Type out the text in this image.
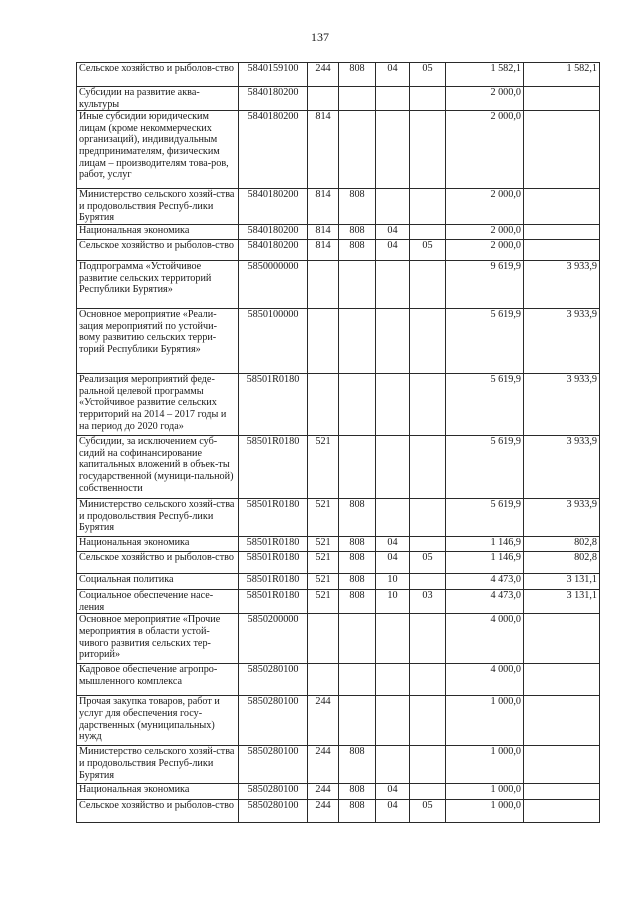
137
Сельское хозяйство и рыболов-ство	5840159100	244	808	04	05	1 582,1	1 582,1
Субсидии на развитие аква-культуры	5840180200					2 000,0	
Иные субсидии юридическим лицам (кроме некоммерческих организаций), индивидуальным предпринимателям, физическим лицам – производителям това-ров, работ, услуг	5840180200	814				2 000,0	
Министерство сельского хозяй-ства и продовольствия Респуб-лики Бурятия	5840180200	814	808			2 000,0	
Национальная экономика	5840180200	814	808	04		2 000,0	
Сельское хозяйство и рыболов-ство	5840180200	814	808	04	05	2 000,0	
Подпрограмма «Устойчивое развитие сельских территорий Республики Бурятия»	5850000000					9 619,9	3 933,9
Основное мероприятие «Реали-зация мероприятий по устойчи-вому развитию сельских терри-торий Республики Бурятия»	5850100000					5 619,9	3 933,9
Реализация мероприятий феде-ральной целевой программы «Устойчивое развитие сельских территорий на 2014 – 2017 годы и на период до 2020 года»	58501R0180					5 619,9	3 933,9
Субсидии, за исключением суб-сидий на софинансирование капитальных вложений в объек-ты государственной (муници-пальной) собственности	58501R0180	521				5 619,9	3 933,9
Министерство сельского хозяй-ства и продовольствия Респуб-лики Бурятия	58501R0180	521	808			5 619,9	3 933,9
Национальная экономика	58501R0180	521	808	04		1 146,9	802,8
Сельское хозяйство и рыболов-ство	58501R0180	521	808	04	05	1 146,9	802,8
Социальная политика	58501R0180	521	808	10		4 473,0	3 131,1
Социальное обеспечение насе-ления	58501R0180	521	808	10	03	4 473,0	3 131,1
Основное мероприятие «Прочие мероприятия в области устой-чивого развития сельских тер-риторий»	5850200000					4 000,0	
Кадровое обеспечение агропро-мышленного комплекса	5850280100					4 000,0	
Прочая закупка товаров, работ и услуг для обеспечения госу-дарственных (муниципальных) нужд	5850280100	244				1 000,0	
Министерство сельского хозяй-ства и продовольствия Респуб-лики Бурятия	5850280100	244	808			1 000,0	
Национальная экономика	5850280100	244	808	04		1 000,0	
Сельское хозяйство и рыболов-ство	5850280100	244	808	04	05	1 000,0	
